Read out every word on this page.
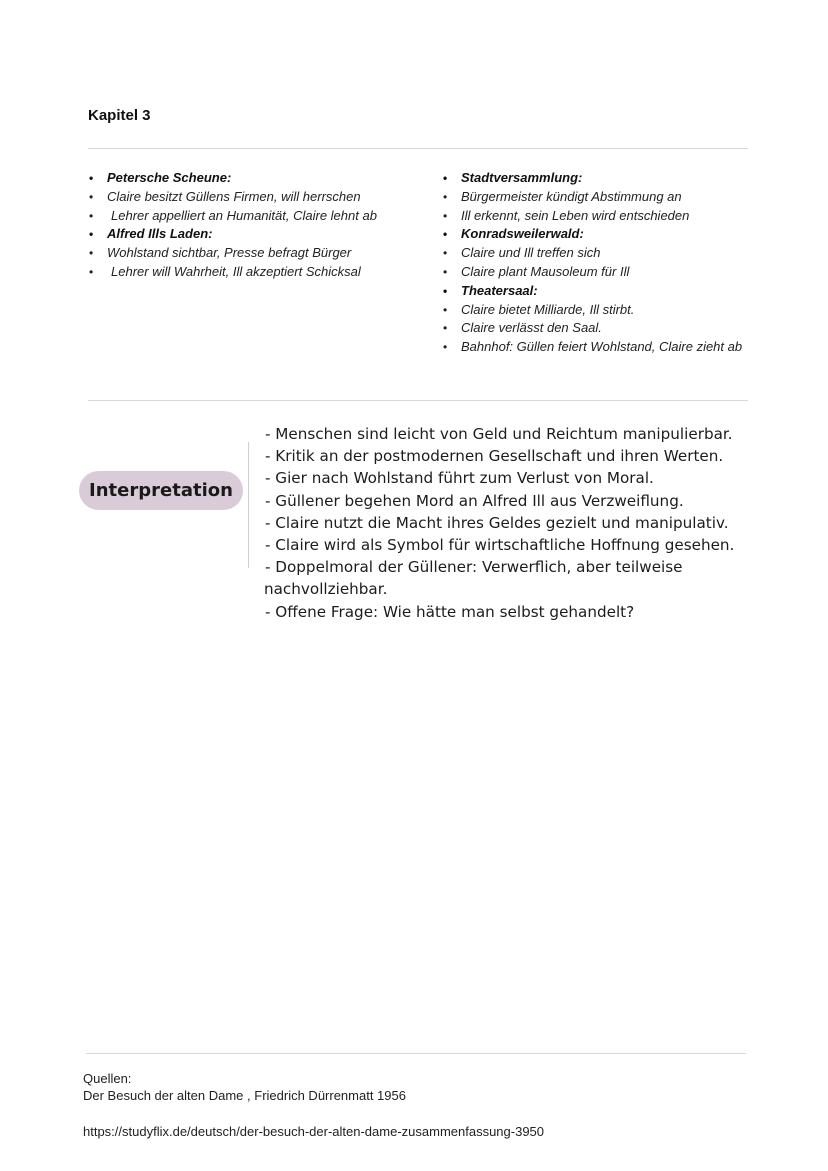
Kapitel 3
• Petersche Scheune:
• Claire besitzt Güllens Firmen, will herrschen
• Lehrer appelliert an Humanität, Claire lehnt ab
• Alfred Ills Laden:
• Wohlstand sichtbar, Presse befragt Bürger
• Lehrer will Wahrheit, Ill akzeptiert Schicksal
• Stadtversammlung:
• Bürgermeister kündigt Abstimmung an
• Ill erkennt, sein Leben wird entschieden
• Konradsweilerwald:
• Claire und Ill treffen sich
• Claire plant Mausoleum für Ill
• Theatersaal:
• Claire bietet Milliarde, Ill stirbt.
• Claire verlässt den Saal.
• Bahnhof: Güllen feiert Wohlstand, Claire zieht ab
Interpretation
- Menschen sind leicht von Geld und Reichtum manipulierbar.
- Kritik an der postmodernen Gesellschaft und ihren Werten.
- Gier nach Wohlstand führt zum Verlust von Moral.
- Güllener begehen Mord an Alfred Ill aus Verzweiflung.
- Claire nutzt die Macht ihres Geldes gezielt und manipulativ.
- Claire wird als Symbol für wirtschaftliche Hoffnung gesehen.
- Doppelmoral der Güllener: Verwerflich, aber teilweise
nachvollziehbar.
- Offene Frage: Wie hätte man selbst gehandelt?
Quellen:
Der Besuch der alten Dame , Friedrich Dürrenmatt 1956
https://studyflix.de/deutsch/der-besuch-der-alten-dame-zusammenfassung-3950
